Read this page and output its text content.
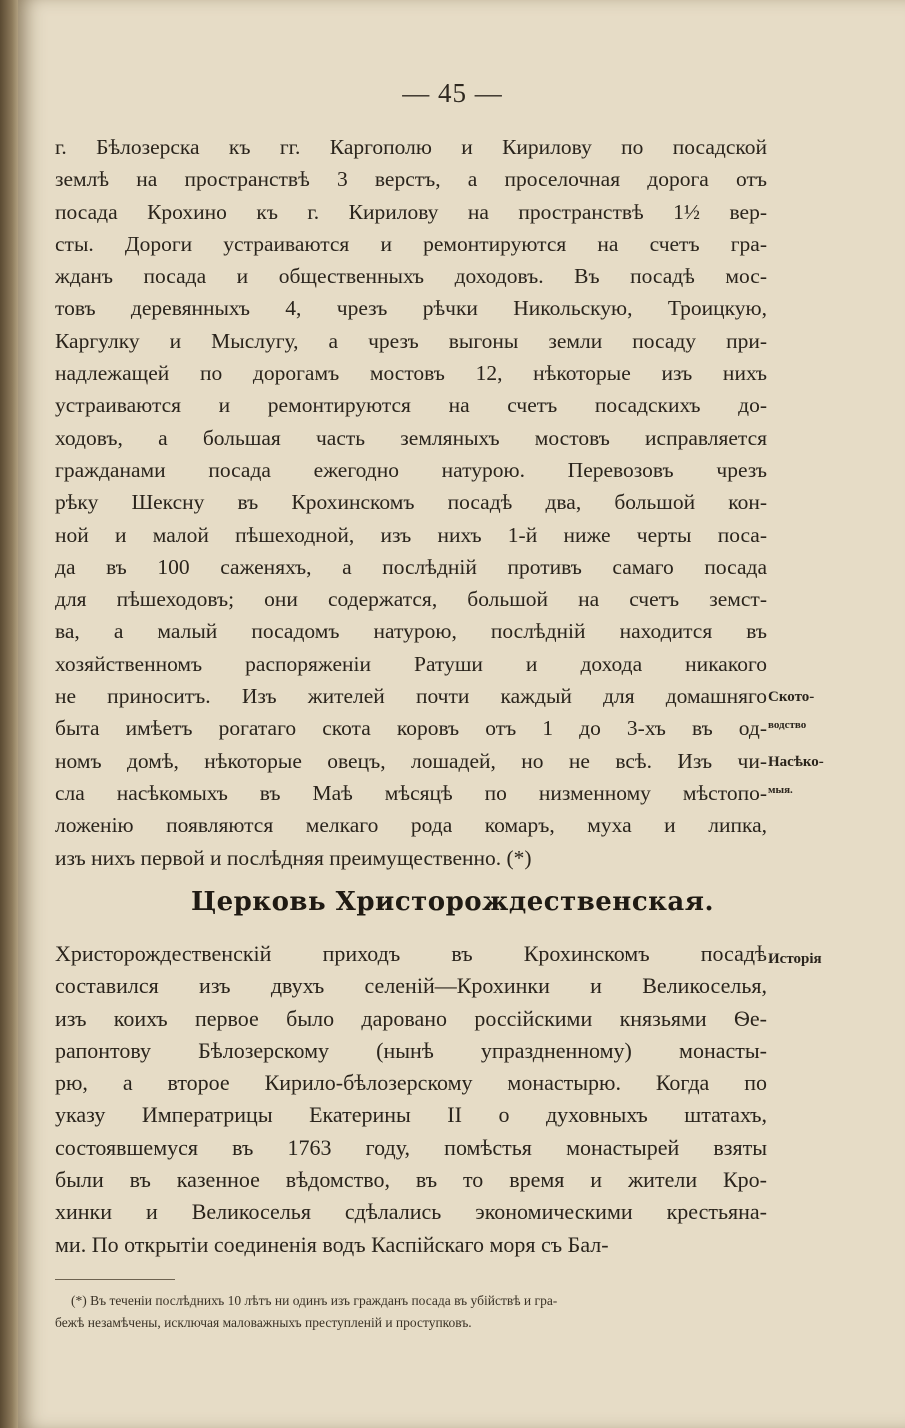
— 45 —
г. Бѣлозерска къ гг. Каргополю и Кирилову по посадской
землѣ на пространствѣ 3 верстъ, а проселочная дорога отъ
посада Крохино къ г. Кирилову на пространствѣ 1½ вер-
сты. Дороги устраиваются и ремонтируются на счетъ гра-
жданъ посада и общественныхъ доходовъ. Въ посадѣ мос-
товъ деревянныхъ 4, чрезъ рѣчки Никольскую, Троицкую,
Каргулку и Мыслугу, а чрезъ выгоны земли посаду при-
надлежащей по дорогамъ мостовъ 12, нѣкоторые изъ нихъ
устраиваются и ремонтируются на счетъ посадскихъ до-
ходовъ, а большая часть земляныхъ мостовъ исправляется
гражданами посада ежегодно натурою. Перевозовъ чрезъ
рѣку Шексну въ Крохинскомъ посадѣ два, большой кон-
ной и малой пѣшеходной, изъ нихъ 1-й ниже черты поса-
да въ 100 саженяхъ, а послѣдній противъ самаго посада
для пѣшеходовъ; они содержатся, большой на счетъ земст-
ва, а малый посадомъ натурою, послѣдній находится въ
хозяйственномъ распоряженіи Ратуши и дохода никакого
не приноситъ. Изъ жителей почти каждый для домашняго
быта имѣетъ рогатаго скота коровъ отъ 1 до 3-хъ въ од-
номъ домѣ, нѣкоторые овецъ, лошадей, но не всѣ. Изъ чи-
сла насѣкомыхъ въ Маѣ мѣсяцѣ по низменному мѣстопо-
ложенію появляются мелкаго рода комаръ, муха и липка,
изъ нихъ первой и послѣдняя преимущественно. (*)
Ското-
водство
Насѣко-
мыя.
Церковь Христорождественская.
Христорождественскій приходъ въ Крохинскомъ посадѣ
составился изъ двухъ селеній—Крохинки и Великоселья,
изъ коихъ первое было даровано россійскими князьями Ѳе-
рапонтову Бѣлозерскому (нынѣ упраздненному) монасты-
рю, а второе Кирило-бѣлозерскому монастырю. Когда по
указу Императрицы Екатерины II о духовныхъ штатахъ,
состоявшемуся въ 1763 году, помѣстья монастырей взяты
были въ казенное вѣдомство, въ то время и жители Кро-
хинки и Великоселья сдѣлались экономическими крестьяна-
ми. По открытіи соединенія водъ Каспійскаго моря съ Бал-
Исторія
(*) Въ теченіи послѣднихъ 10 лѣтъ ни одинъ изъ гражданъ посада въ убійствѣ и гра-
бежѣ незамѣчены, исключая маловажныхъ преступленій и проступковъ.
